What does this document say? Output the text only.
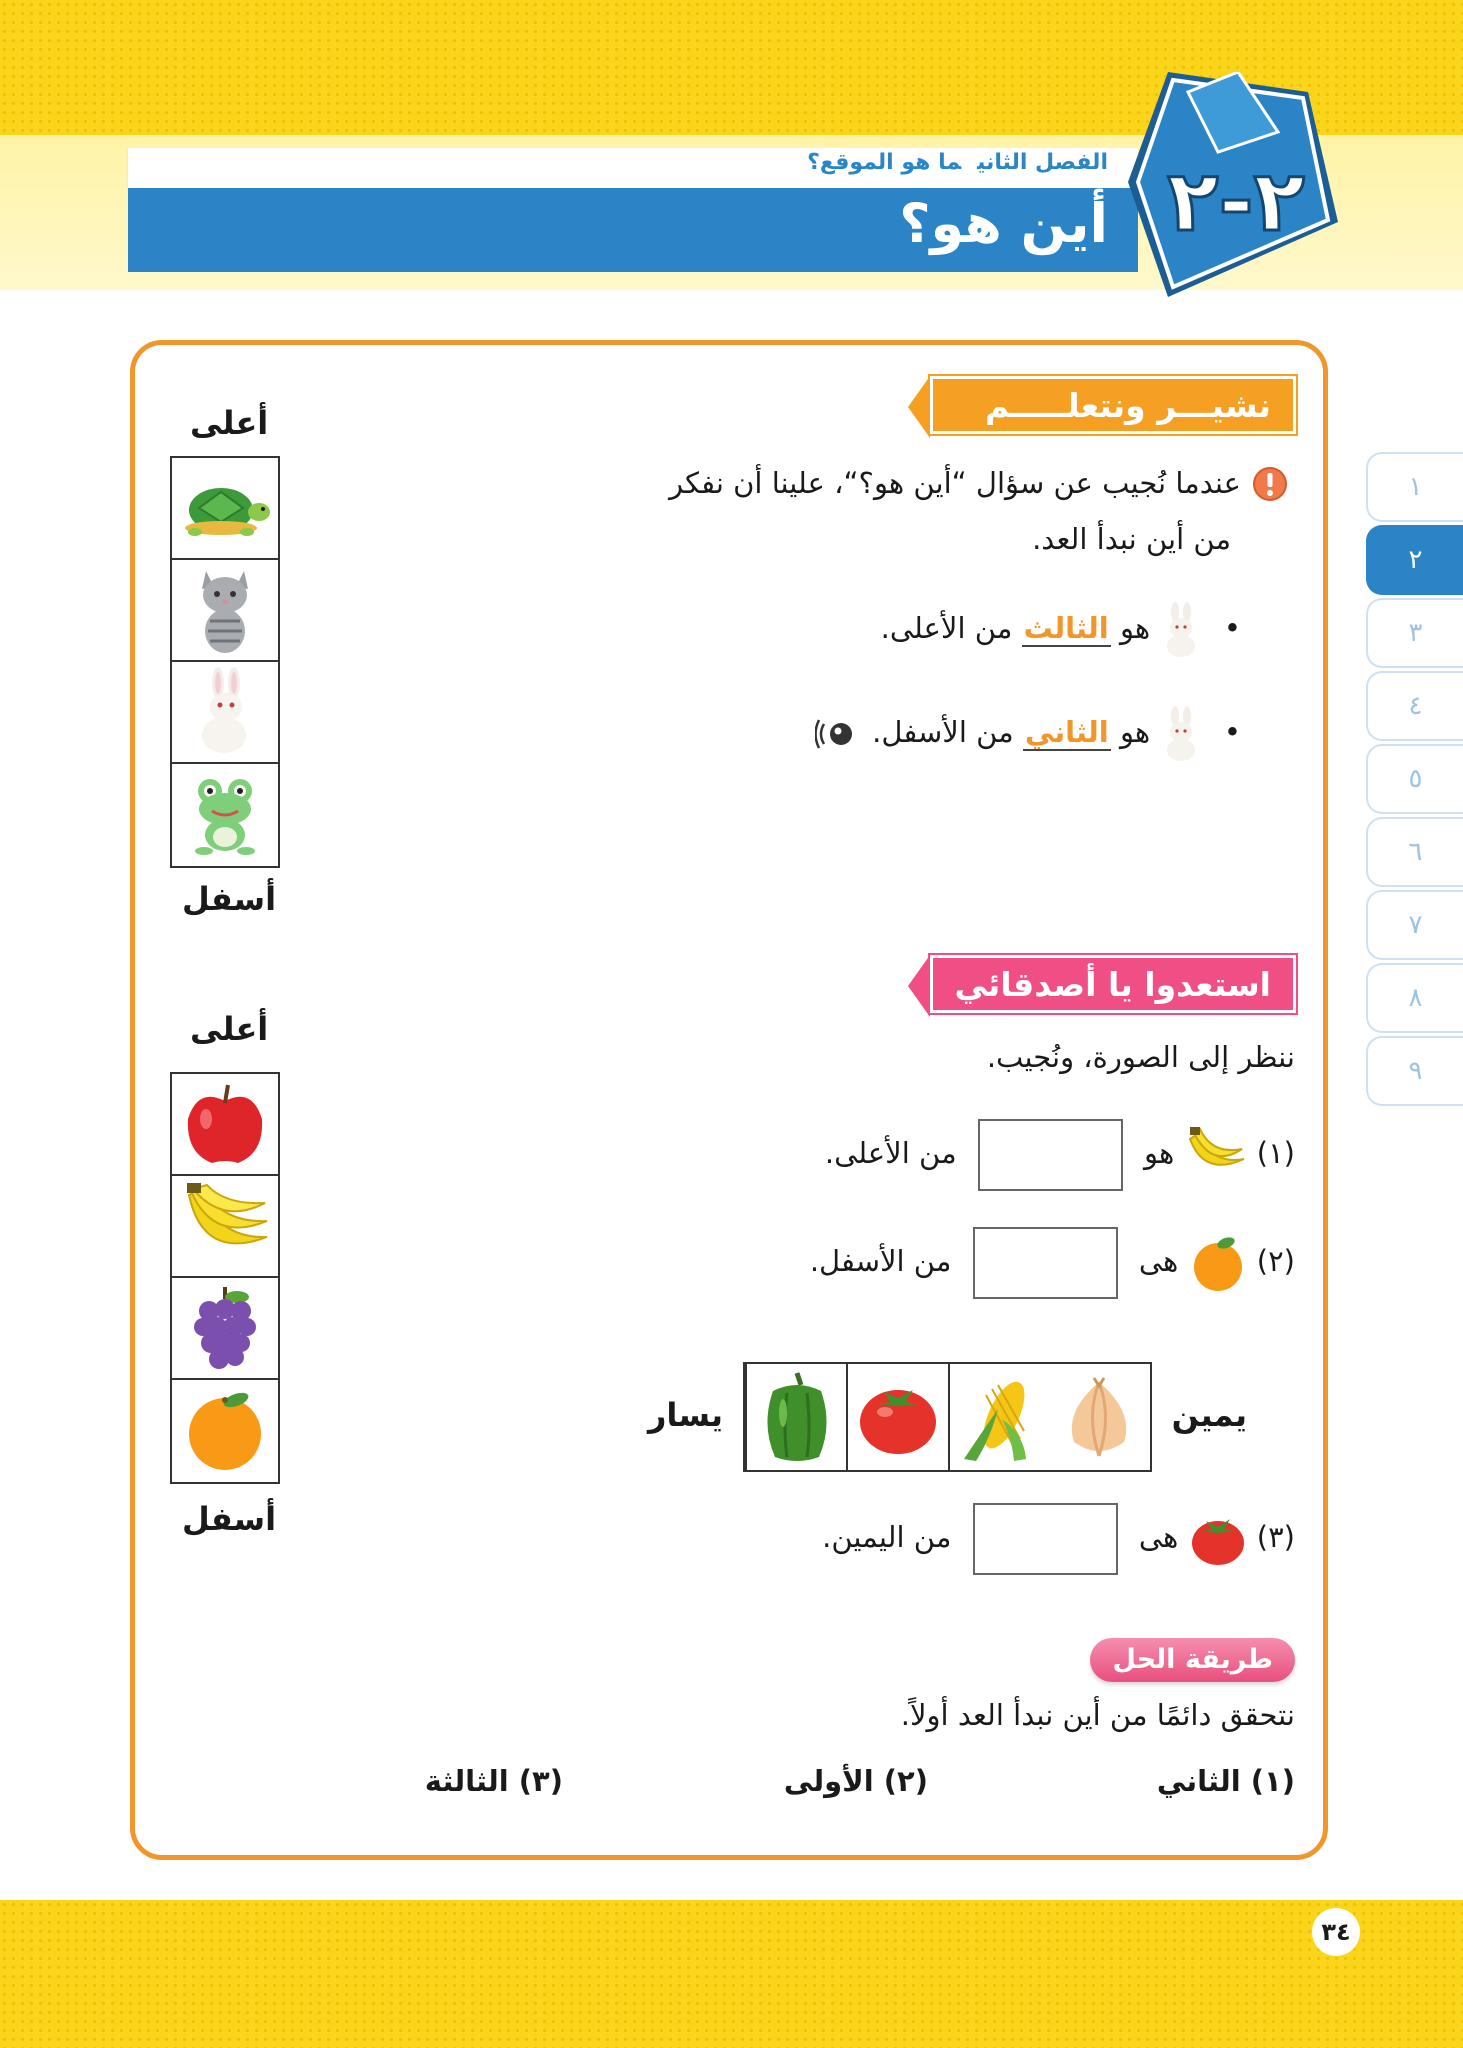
الفصل الثانيما هو الموقع؟
أين هو؟ ٢-٢
١
٢
٣
٤
٥
٦
٧
٨
٩
نشيـــر ونتعلـــــم
عندما نُجيب عن سؤال “أين هو؟“، علينا أن نفكر
من أين نبدأ العد.
•   هو الثالث من الأعلى.
•   هو الثاني من الأسفل.
أعلى
أسفل
استعدوا يا أصدقائي
ننظر إلى الصورة، ونُجيب.
(١)  هو  من الأعلى.
(٢)  هى  من الأسفل.
يمين
يسار
(٣)  هى  من اليمين.
أعلى
أسفل
طريقة الحل
نتحقق دائمًا من أين نبدأ العد أولاً.
(١) الثاني
(٢) الأولى
(٣) الثالثة
٣٤
